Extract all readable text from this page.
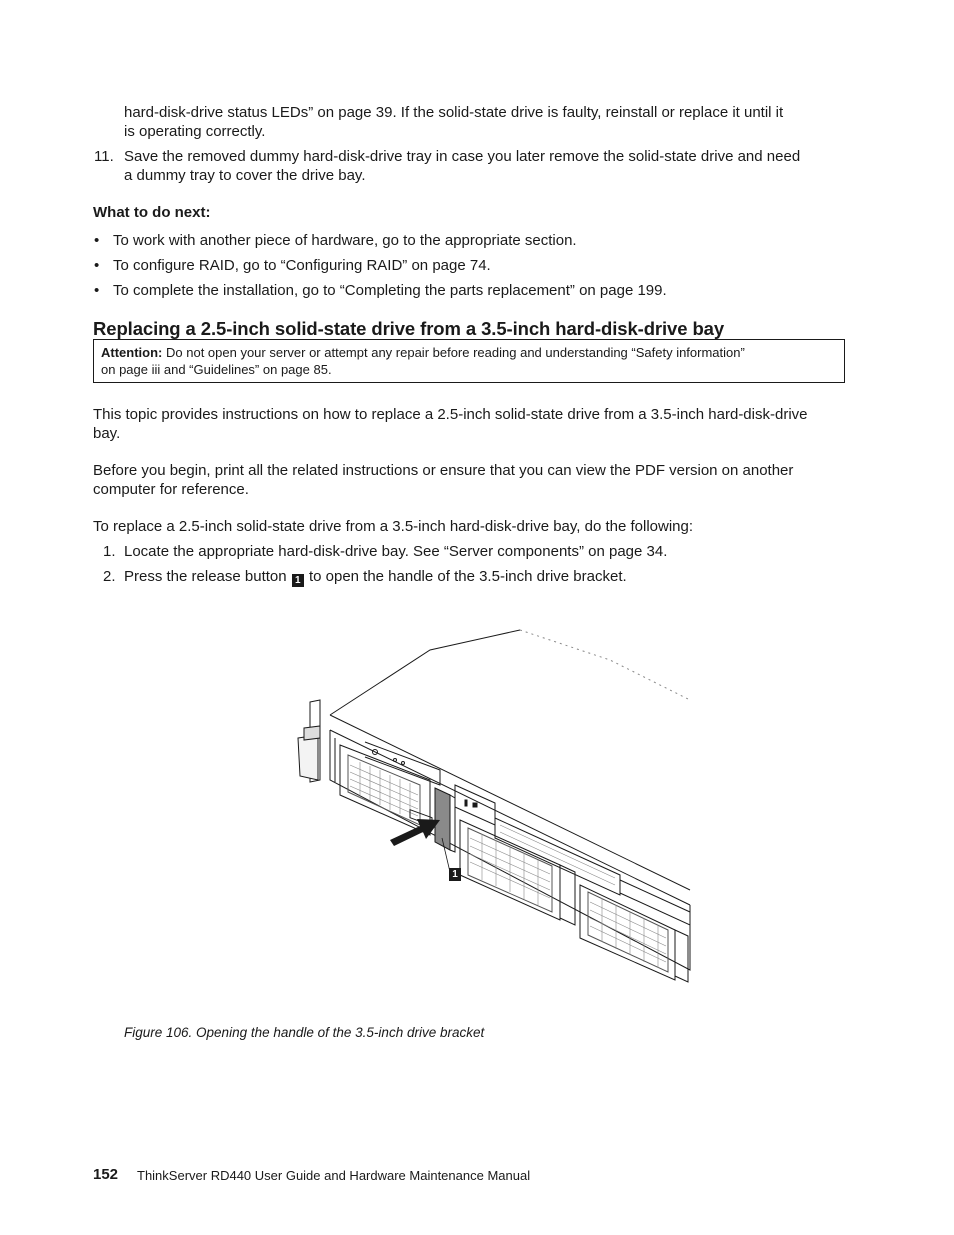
hard-disk-drive status LEDs” on page 39. If the solid-state drive is faulty, reinstall or replace it until it
is operating correctly.
11. Save the removed dummy hard-disk-drive tray in case you later remove the solid-state drive and need
a dummy tray to cover the drive bay.
What to do next:
• To work with another piece of hardware, go to the appropriate section.
• To configure RAID, go to “Configuring RAID” on page 74.
• To complete the installation, go to “Completing the parts replacement” on page 199.
Replacing a 2.5-inch solid-state drive from a 3.5-inch hard-disk-drive bay
Attention: Do not open your server or attempt any repair before reading and understanding “Safety information”
on page iii and “Guidelines” on page 85.
This topic provides instructions on how to replace a 2.5-inch solid-state drive from a 3.5-inch hard-disk-drive
bay.
Before you begin, print all the related instructions or ensure that you can view the PDF version on another
computer for reference.
To replace a 2.5-inch solid-state drive from a 3.5-inch hard-disk-drive bay, do the following:
1. Locate the appropriate hard-disk-drive bay. See “Server components” on page 34.
2. Press the release button 1 to open the handle of the 3.5-inch drive bracket.
1
Figure 106. Opening the handle of the 3.5-inch drive bracket
152 ThinkServer RD440 User Guide and Hardware Maintenance Manual
